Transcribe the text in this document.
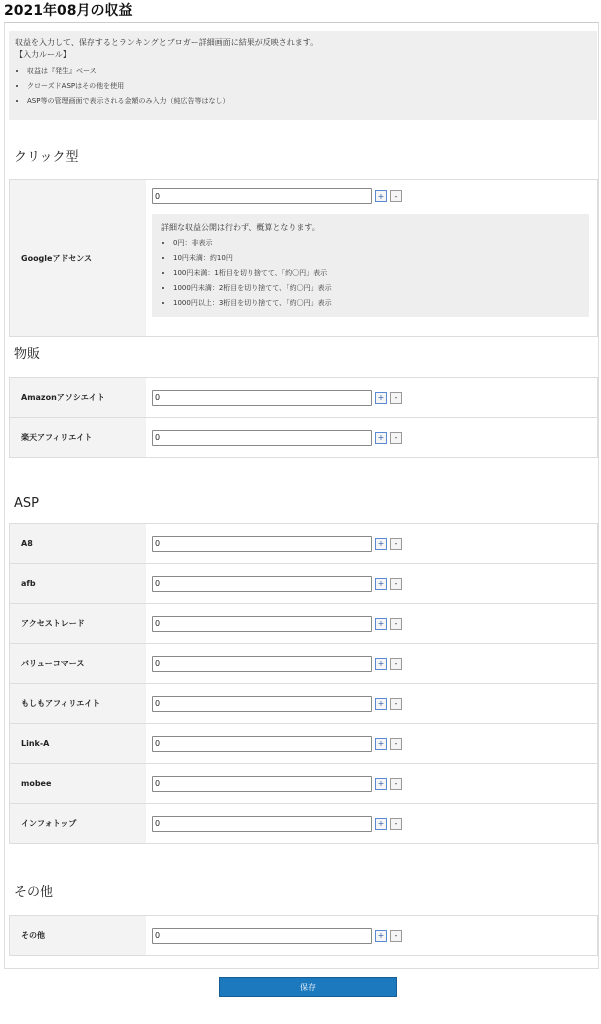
2021年08月の収益

収益を入力して、保存するとランキングとブロガー詳細画面に結果が反映されます。

【入力ルール】

• 収益は『発生』ベース
• クローズドASPはその他を使用
• ASP等の管理画面で表示される金額のみ入力（純広告等はなし）
クリック型
Googleアドセンス	
0
+	-

詳細な収益公開は行わず、概算となります。

• 0円：非表示
• 10円未満：約10円
• 100円未満：1桁目を切り捨てて、「約〇円」表示
• 1000円未満：2桁目を切り捨てて、「約〇円」表示
• 1000円以上：3桁目を切り捨てて、「約〇円」表示
物販
Amazonアソシエイト	
0+ -

楽天アフィリエイト	
0+ -
ASP
A8	
0+ -

afb	
0+ -

アクセストレード	
0+ -

バリューコマース	
0+ -

もしもアフィリエイト	
0+ -

Link-A	
0+ -

mobee	
0+ -

インフォトップ	
0+ -
その他
その他	
0+	-
保存
